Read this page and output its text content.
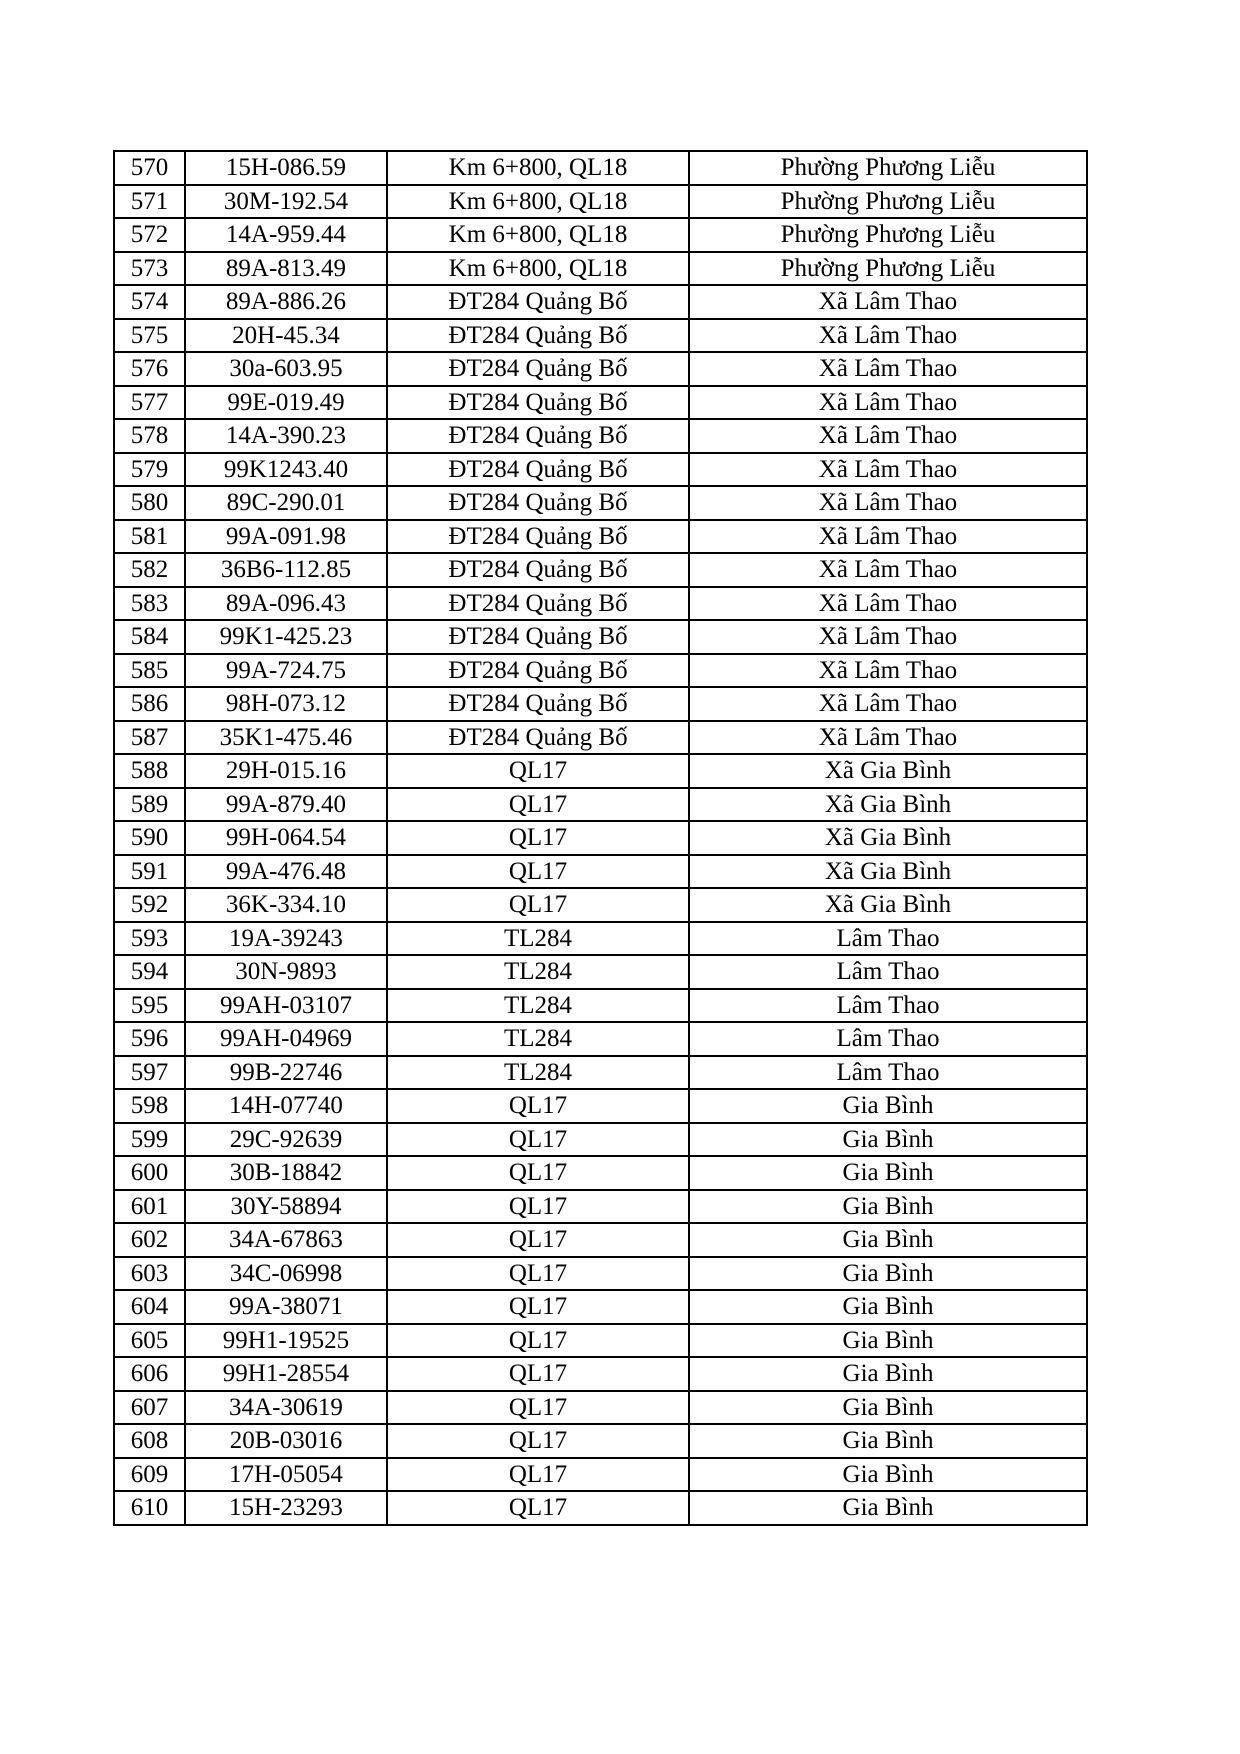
570	15H-086.59	Km 6+800, QL18	Phường Phương Liễu
571	30M-192.54	Km 6+800, QL18	Phường Phương Liễu
572	14A-959.44	Km 6+800, QL18	Phường Phương Liễu
573	89A-813.49	Km 6+800, QL18	Phường Phương Liễu
574	89A-886.26	ĐT284 Quảng Bố	Xã Lâm Thao
575	20H-45.34	ĐT284 Quảng Bố	Xã Lâm Thao
576	30a-603.95	ĐT284 Quảng Bố	Xã Lâm Thao
577	99E-019.49	ĐT284 Quảng Bố	Xã Lâm Thao
578	14A-390.23	ĐT284 Quảng Bố	Xã Lâm Thao
579	99K1243.40	ĐT284 Quảng Bố	Xã Lâm Thao
580	89C-290.01	ĐT284 Quảng Bố	Xã Lâm Thao
581	99A-091.98	ĐT284 Quảng Bố	Xã Lâm Thao
582	36B6-112.85	ĐT284 Quảng Bố	Xã Lâm Thao
583	89A-096.43	ĐT284 Quảng Bố	Xã Lâm Thao
584	99K1-425.23	ĐT284 Quảng Bố	Xã Lâm Thao
585	99A-724.75	ĐT284 Quảng Bố	Xã Lâm Thao
586	98H-073.12	ĐT284 Quảng Bố	Xã Lâm Thao
587	35K1-475.46	ĐT284 Quảng Bố	Xã Lâm Thao
588	29H-015.16	QL17	Xã Gia Bình
589	99A-879.40	QL17	Xã Gia Bình
590	99H-064.54	QL17	Xã Gia Bình
591	99A-476.48	QL17	Xã Gia Bình
592	36K-334.10	QL17	Xã Gia Bình
593	19A-39243	TL284	Lâm Thao
594	30N-9893	TL284	Lâm Thao
595	99AH-03107	TL284	Lâm Thao
596	99AH-04969	TL284	Lâm Thao
597	99B-22746	TL284	Lâm Thao
598	14H-07740	QL17	Gia Bình
599	29C-92639	QL17	Gia Bình
600	30B-18842	QL17	Gia Bình
601	30Y-58894	QL17	Gia Bình
602	34A-67863	QL17	Gia Bình
603	34C-06998	QL17	Gia Bình
604	99A-38071	QL17	Gia Bình
605	99H1-19525	QL17	Gia Bình
606	99H1-28554	QL17	Gia Bình
607	34A-30619	QL17	Gia Bình
608	20B-03016	QL17	Gia Bình
609	17H-05054	QL17	Gia Bình
610	15H-23293	QL17	Gia Bình
